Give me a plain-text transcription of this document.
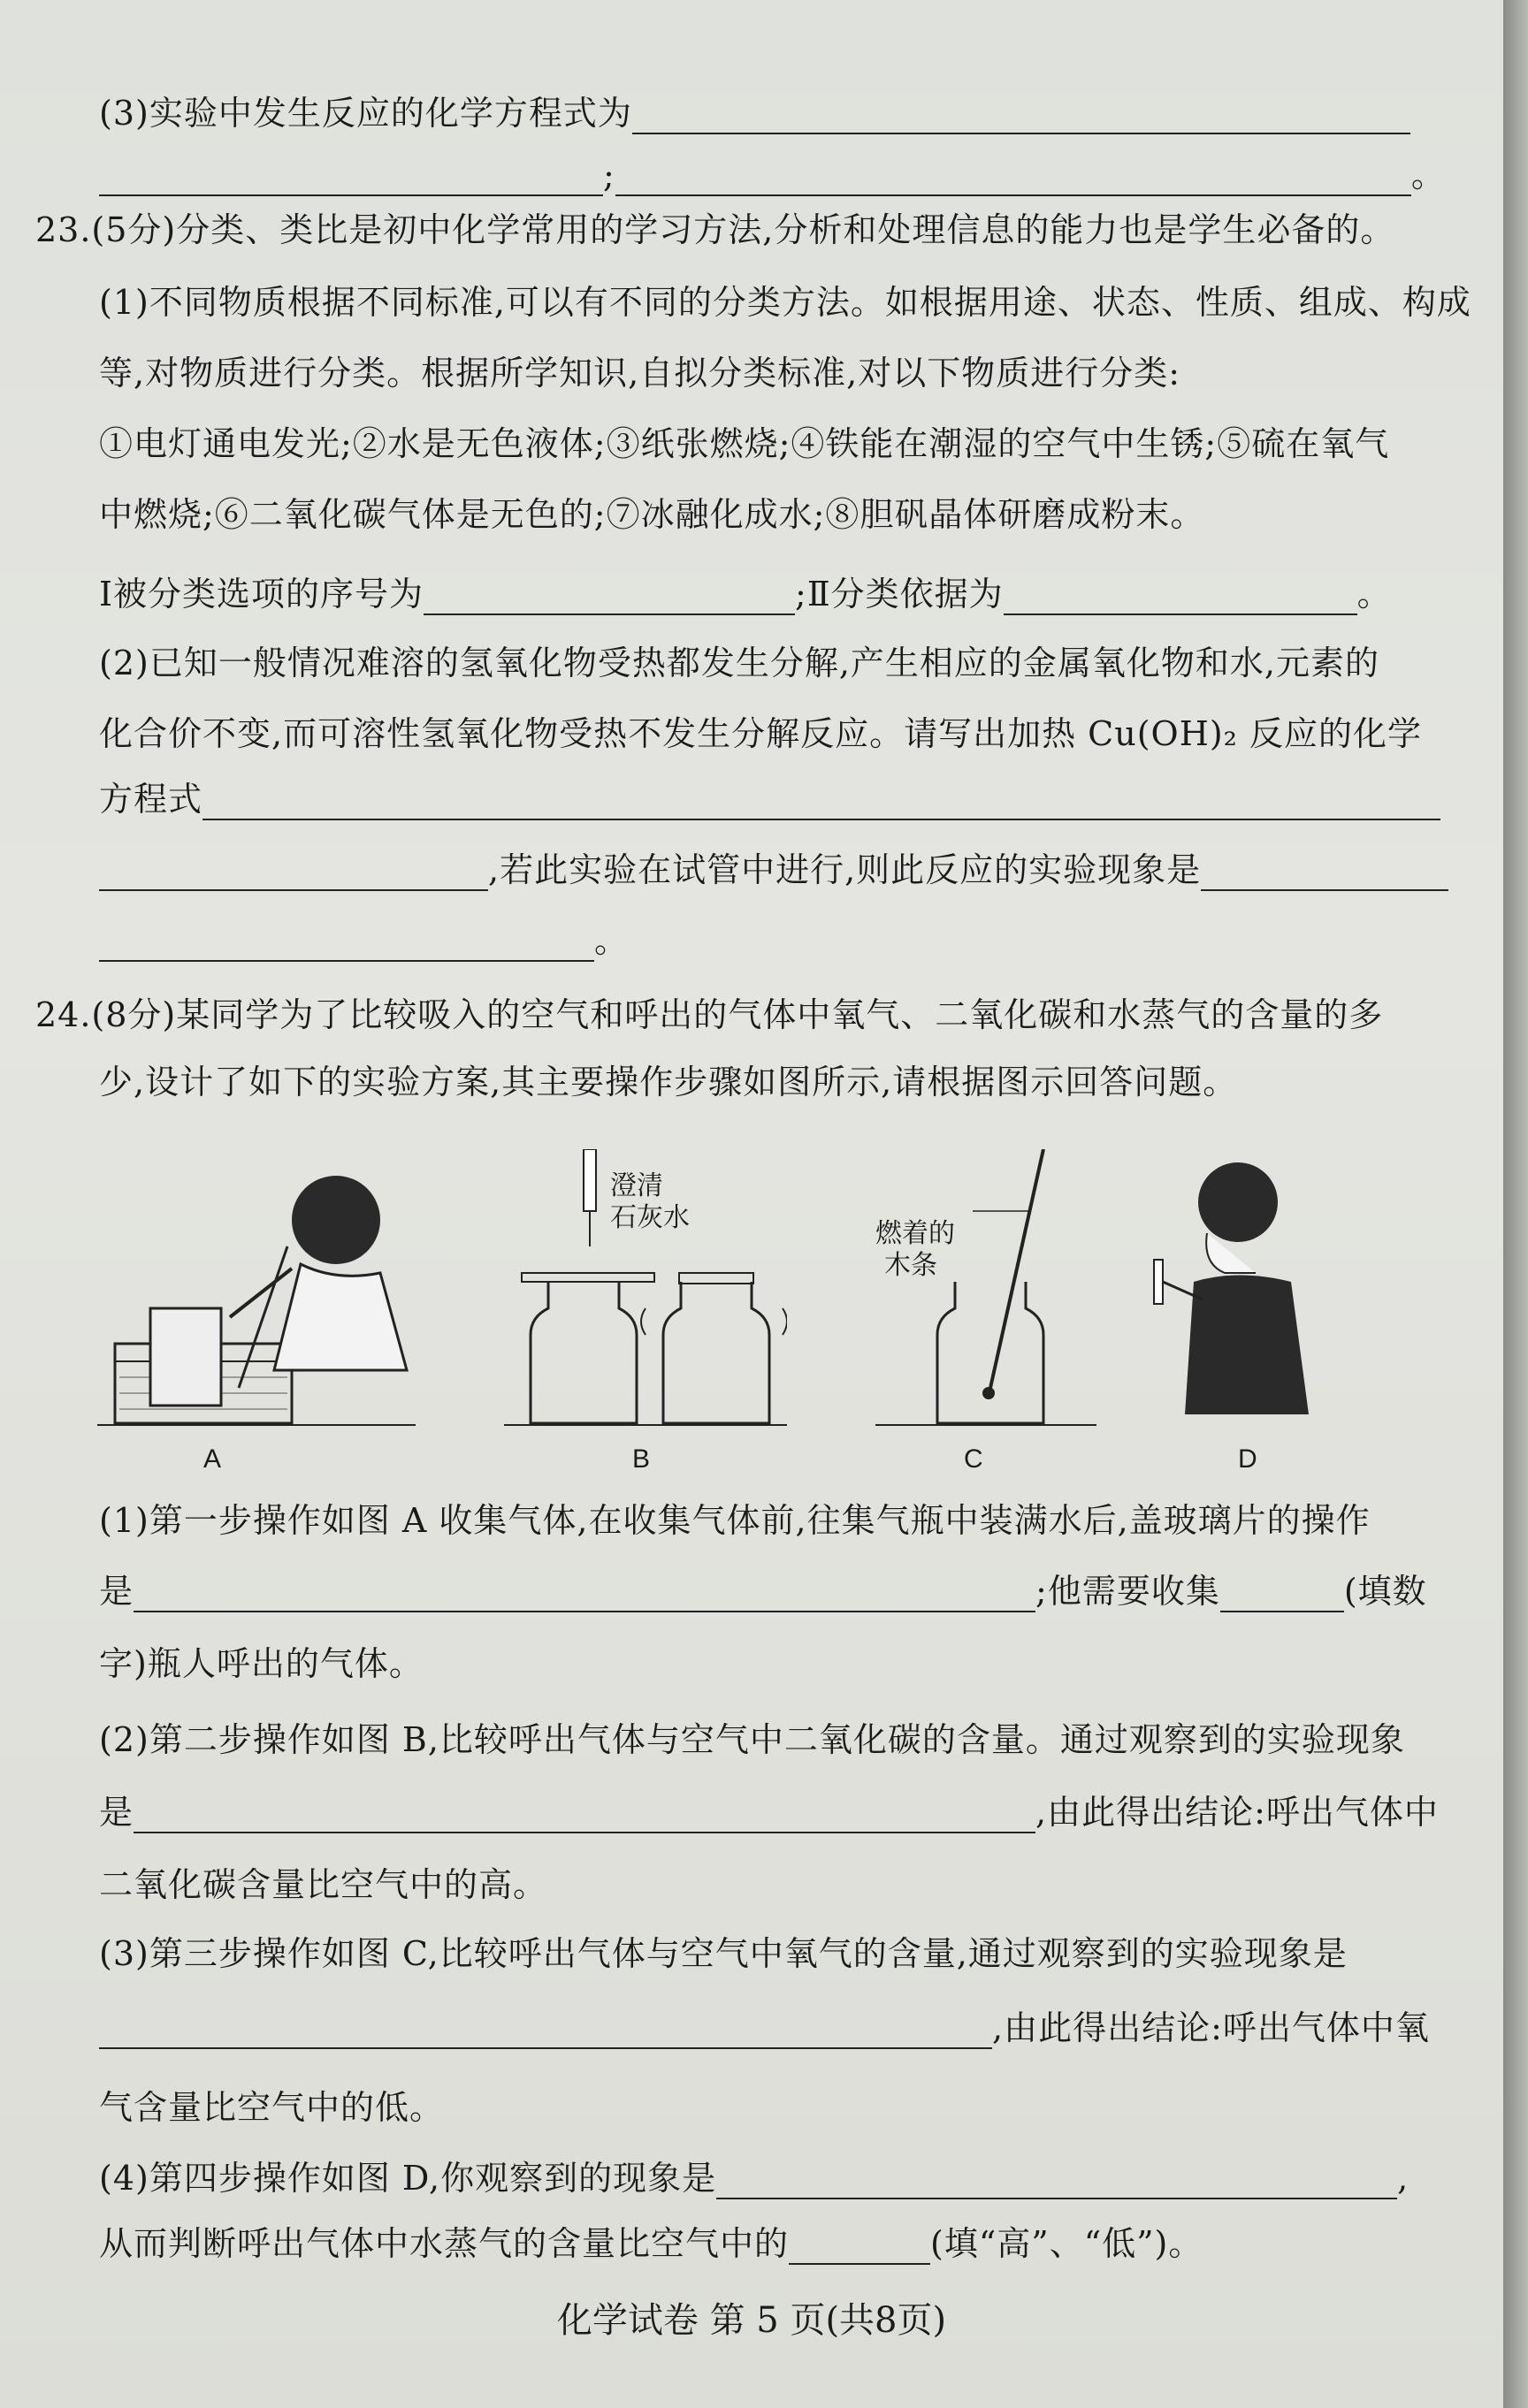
(3)实验中发生反应的化学方程式为
;	。
23.(5分)分类、类比是初中化学常用的学习方法,分析和处理信息的能力也是学生必备的。
(1)不同物质根据不同标准,可以有不同的分类方法。如根据用途、状态、性质、组成、构成
等,对物质进行分类。根据所学知识,自拟分类标准,对以下物质进行分类:
①电灯通电发光;②水是无色液体;③纸张燃烧;④铁能在潮湿的空气中生锈;⑤硫在氧气
中燃烧;⑥二氧化碳气体是无色的;⑦冰融化成水;⑧胆矾晶体研磨成粉末。
Ⅰ被分类选项的序号为	;Ⅱ分类依据为	。
(2)已知一般情况难溶的氢氧化物受热都发生分解,产生相应的金属氧化物和水,元素的
化合价不变,而可溶性氢氧化物受热不发生分解反应。请写出加热 Cu(OH)₂ 反应的化学
方程式
,若此实验在试管中进行,则此反应的实验现象是
。
24.(8分)某同学为了比较吸入的空气和呼出的气体中氧气、二氧化碳和水蒸气的含量的多
少,设计了如下的实验方案,其主要操作步骤如图所示,请根据图示回答问题。
A
澄清
石灰水
B
燃着的
木条
C	D
(1)第一步操作如图 A 收集气体,在收集气体前,往集气瓶中装满水后,盖玻璃片的操作
是	;他需要收集	(填数
字)瓶人呼出的气体。
(2)第二步操作如图 B,比较呼出气体与空气中二氧化碳的含量。通过观察到的实验现象
是	,由此得出结论:呼出气体中
二氧化碳含量比空气中的高。
(3)第三步操作如图 C,比较呼出气体与空气中氧气的含量,通过观察到的实验现象是
,由此得出结论:呼出气体中氧
气含量比空气中的低。
(4)第四步操作如图 D,你观察到的现象是	,
从而判断呼出气体中水蒸气的含量比空气中的	(填“高”、“低”)。
化学试卷 第 5 页(共8页)
